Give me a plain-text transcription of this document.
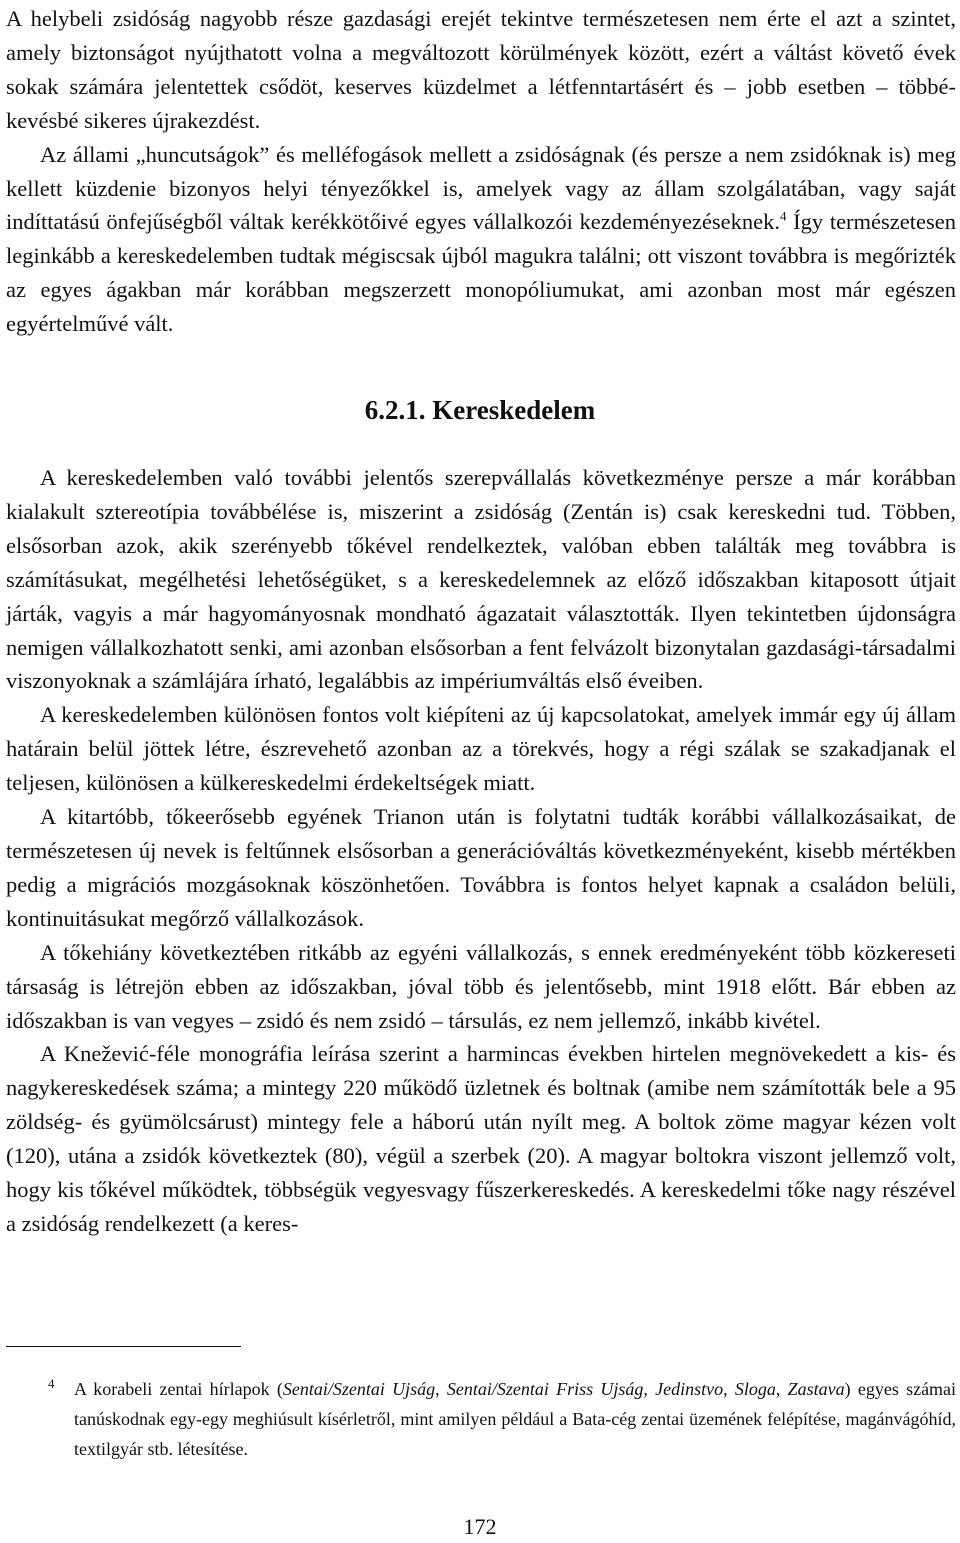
A helybeli zsidóság nagyobb része gazdasági erejét tekintve természetesen nem érte el azt a szintet, amely biztonságot nyújthatott volna a megváltozott körülmények között, ezért a váltást követő évek sokak számára jelentettek csődöt, keserves küzdelmet a létfenntartásért és – jobb esetben – többé-kevésbé sikeres újrakezdést.

Az állami „huncutságok” és melléfogások mellett a zsidóságnak (és persze a nem zsidóknak is) meg kellett küzdenie bizonyos helyi tényezőkkel is, amelyek vagy az állam szolgálatában, vagy saját indíttatású önfejűségből váltak kerékkötőivé egyes vállalkozói kezdeményezéseknek.$^4$ Így természetesen leginkább a kereskedelemben tudtak mégiscsak újból magukra találni; ott viszont továbbra is megőrizték az egyes ágakban már korábban megszerzett monopóliumukat, ami azonban most már egészen egyértelművé vált.

6.2.1. Kereskedelem

A kereskedelemben való további jelentős szerepvállalás következménye persze a már korábban kialakult sztereotípia továbbélése is, miszerint a zsidóság (Zentán is) csak kereskedni tud. Többen, elsősorban azok, akik szerényebb tőkével rendelkeztek, valóban ebben találták meg továbbra is számításukat, megélhetési lehetőségüket, s a kereskedelemnek az előző időszakban kitaposott útjait járták, vagyis a már hagyományosnak mondható ágazatait választották. Ilyen tekintetben újdonságra nemigen vállalkozhatott senki, ami azonban elsősorban a fent felvázolt bizonytalan gazdasági-társadalmi viszonyoknak a számlájára írható, legalábbis az impériumváltás első éveiben.

A kereskedelemben különösen fontos volt kiépíteni az új kapcsolatokat, amelyek immár egy új állam határain belül jöttek létre, észrevehető azonban az a törekvés, hogy a régi szálak se szakadjanak el teljesen, különösen a külkereskedelmi érdekeltségek miatt.

A kitartóbb, tőkeerősebb egyének Trianon után is folytatni tudták korábbi vállalkozásaikat, de természetesen új nevek is feltűnnek elsősorban a generációváltás következményeként, kisebb mértékben pedig a migrációs mozgásoknak köszönhetően. Továbbra is fontos helyet kapnak a családon belüli, kontinuitásukat megőrző vállalkozások.

A tőkehiány következtében ritkább az egyéni vállalkozás, s ennek eredményeként több közkereseti társaság is létrejön ebben az időszakban, jóval több és jelentősebb, mint 1918 előtt. Bár ebben az időszakban is van vegyes – zsidó és nem zsidó – társulás, ez nem jellemző, inkább kivétel.

A Knežević-féle monográfia leírása szerint a harmincas években hirtelen megnövekedett a kis- és nagykereskedések száma; a mintegy 220 működő üzletnek és boltnak (amibe nem számították bele a 95 zöldség- és gyümölcsárust) mintegy fele a háború után nyílt meg. A boltok zöme magyar kézen volt (120), utána a zsidók következtek (80), végül a szerbek (20). A magyar boltokra viszont jellemző volt, hogy kis tőkével működtek, többségük vegyesvagy fűszerkereskedés. A kereskedelmi tőke nagy részével a zsidóság rendelkezett (a keres-

4	A korabeli zentai hírlapok (Sentai/Szentai Ujság, Sentai/Szentai Friss Ujság, Jedinstvo, Sloga, Zastava) egyes számai tanúskodnak egy-egy meghiúsult kísérletről, mint amilyen például a Bata-cég zentai üzemének felépítése, magánvágóhíd, textilgyár stb. létesítése.

172
